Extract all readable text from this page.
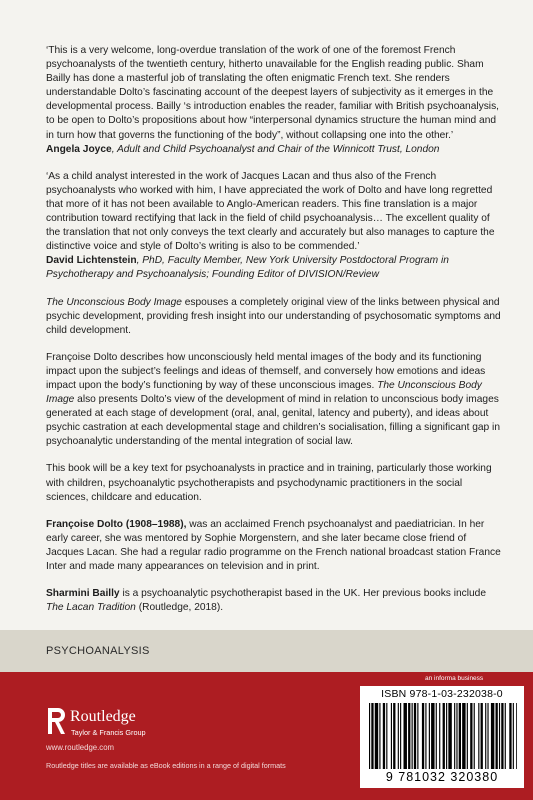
‘This is a very welcome, long-overdue translation of the work of one of the foremost French psychoanalysts of the twentieth century, hitherto unavailable for the English reading public. Sham Bailly has done a masterful job of translating the often enigmatic French text. She renders understandable Dolto’s fascinating account of the deepest layers of subjectivity as it emerges in the developmental process. Bailly ‘s introduction enables the reader, familiar with British psychoanalysis, to be open to Dolto’s propositions about how “interpersonal dynamics structure the human mind and in turn how that governs the functioning of the body”, without collapsing one into the other.’
Angela Joyce, Adult and Child Psychoanalyst and Chair of the Winnicott Trust, London

‘As a child analyst interested in the work of Jacques Lacan and thus also of the French psychoanalysts who worked with him, I have appreciated the work of Dolto and have long regretted that more of it has not been available to Anglo-American readers. This fine translation is a major contribution toward rectifying that lack in the field of child psychoanalysis… The excellent quality of the translation that not only conveys the text clearly and accurately but also manages to capture the distinctive voice and style of Dolto’s writing is also to be commended.’
David Lichtenstein, PhD, Faculty Member, New York University Postdoctoral Program in Psychotherapy and Psychoanalysis; Founding Editor of DIVISION/Review

The Unconscious Body Image espouses a completely original view of the links between physical and psychic development, providing fresh insight into our understanding of psychosomatic symptoms and child development.

Françoise Dolto describes how unconsciously held mental images of the body and its functioning impact upon the subject’s feelings and ideas of themself, and conversely how emotions and ideas impact upon the body’s functioning by way of these unconscious images. The Unconscious Body Image also presents Dolto’s view of the development of mind in relation to unconscious body images generated at each stage of development (oral, anal, genital, latency and puberty), and ideas about psychic castration at each developmental stage and children’s socialisation, filling a significant gap in psychoanalytic understanding of the mental integration of social law.

This book will be a key text for psychoanalysts in practice and in training, particularly those working with children, psychoanalytic psychotherapists and psychodynamic practitioners in the social sciences, childcare and education.

Françoise Dolto (1908–1988), was an acclaimed French psychoanalyst and paediatrician. In her early career, she was mentored by Sophie Morgenstern, and she later became close friend of Jacques Lacan. She had a regular radio programme on the French national broadcast station France Inter and made many appearances on television and in print.

Sharmini Bailly is a psychoanalytic psychotherapist based in the UK. Her previous books include The Lacan Tradition (Routledge, 2018).

PSYCHOANALYSIS
Routledge
Taylor & Francis Group
www.routledge.com
Routledge titles are available as eBook editions in a range of digital formats
an informa business
ISBN 978-1-03-232038-0
9 781032 320380
